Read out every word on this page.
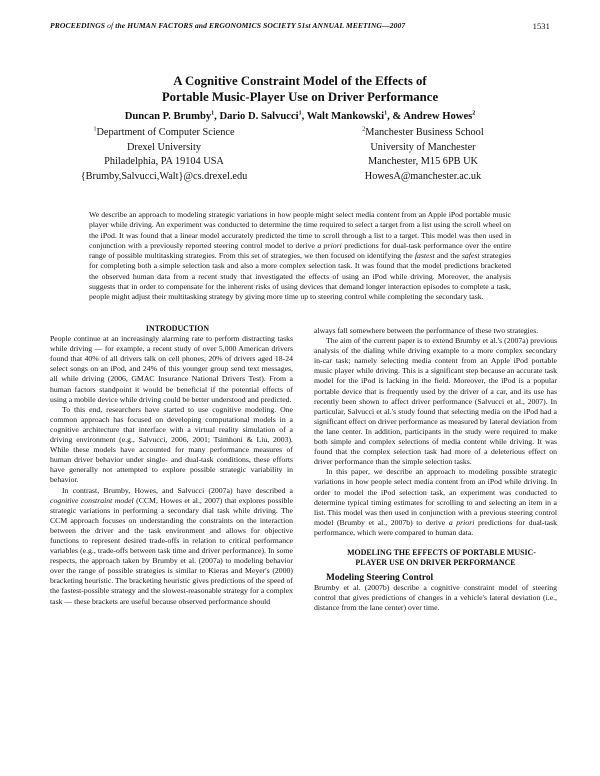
PROCEEDINGS of the HUMAN FACTORS and ERGONOMICS SOCIETY 51st ANNUAL MEETING—2007	1531
A Cognitive Constraint Model of the Effects of
Portable Music-Player Use on Driver Performance
Duncan P. Brumby$^1$, Dario D. Salvucci$^1$, Walt Mankowski$^1$, & Andrew Howes$^2$
$^1$Department of Computer Science
Drexel University
Philadelphia, PA 19104 USA
{Brumby,Salvucci,Walt}@cs.drexel.edu
$^2$Manchester Business School
University of Manchester
Manchester, M15 6PB UK
HowesA@manchester.ac.uk
We describe an approach to modeling strategic variations in how people might select media content from an Apple iPod portable music player while driving. An experiment was conducted to determine the time required to select a target from a list using the scroll wheel on the iPod. It was found that a linear model accurately predicted the time to scroll through a list to a target. This model was then used in conjunction with a previously reported steering control model to derive a priori predictions for dual-task performance over the entire range of possible multitasking strategies. From this set of strategies, we then focused on identifying the fastest and the safest strategies for completing both a simple selection task and also a more complex selection task. It was found that the model predictions bracketed the observed human data from a recent study that investigated the effects of using an iPod while driving. Moreover, the analysis suggests that in order to compensate for the inherent risks of using devices that demand longer interaction episodes to complete a task, people might adjust their multitasking strategy by giving more time up to steering control while completing the secondary task.

INTRODUCTION

People continue at an increasingly alarming rate to perform distracting tasks while driving — for example, a recent study of over 5,000 American drivers found that 40% of all drivers talk on cell phones, 20% of drivers aged 18-24 select songs on an iPod, and 24% of this younger group send text messages, all while driving (2006, GMAC Insurance National Drivers Test). From a human factors standpoint it would be beneficial if the potential effects of using a mobile device while driving could be better understood and predicted.

To this end, researchers have started to use cognitive modeling. One common approach has focused on developing computational models in a cognitive architecture that interface with a virtual reality simulation of a driving environment (e.g., Salvucci, 2006, 2001; Tsimhoni & Liu, 2003). While these models have accounted for many performance measures of human driver behavior under single- and dual-task conditions, these efforts have generally not attempted to explore possible strategic variability in behavior.

In contrast, Brumby, Howes, and Salvucci (2007a) have described a cognitive constraint model (CCM, Howes et al., 2007) that explores possible strategic variations in performing a secondary dial task while driving. The CCM approach focuses on understanding the constraints on the interaction between the driver and the task environment and allows for objective functions to represent desired trade-offs in relation to critical performance variables (e.g., trade-offs between task time and driver performance). In some respects, the approach taken by Brumby et al. (2007a) to modeling behavior over the range of possible strategies is similar to Kieras and Meyer's (2000) bracketing heuristic. The bracketing heuristic gives predictions of the speed of the fastest-possible strategy and the slowest-reasonable strategy for a complex task — these brackets are useful because observed performance should

always fall somewhere between the performance of these two strategies.

The aim of the current paper is to extend Brumby et al.'s (2007a) previous analysis of the dialing while driving example to a more complex secondary in-car task; namely selecting media content from an Apple iPod portable music player while driving. This is a significant step because an accurate task model for the iPod is lacking in the field. Moreover, the iPod is a popular portable device that is frequently used by the driver of a car, and its use has recently been shown to affect driver performance (Salvucci et al., 2007). In particular, Salvucci et al.'s study found that selecting media on the iPod had a significant effect on driver performance as measured by lateral deviation from the lane center. In addition, participants in the study were required to make both simple and complex selections of media content while driving. It was found that the complex selection task had more of a deleterious effect on driver performance than the simple selection tasks.

In this paper, we describe an approach to modeling possible strategic variations in how people select media content from an iPod while driving. In order to model the iPod selection task, an experiment was conducted to determine typical timing estimates for scrolling to and selecting an item in a list. This model was then used in conjunction with a previous steering control model (Brumby et al., 2007b) to derive a priori predictions for dual-task performance, which were compared to human data.

MODELING THE EFFECTS OF PORTABLE MUSIC-
PLAYER USE ON DRIVER PERFORMANCE

Modeling Steering Control

Brumby et al. (2007b) describe a cognitive constraint model of steering control that gives predictions of changes in a vehicle's lateral deviation (i.e., distance from the lane center) over time.
